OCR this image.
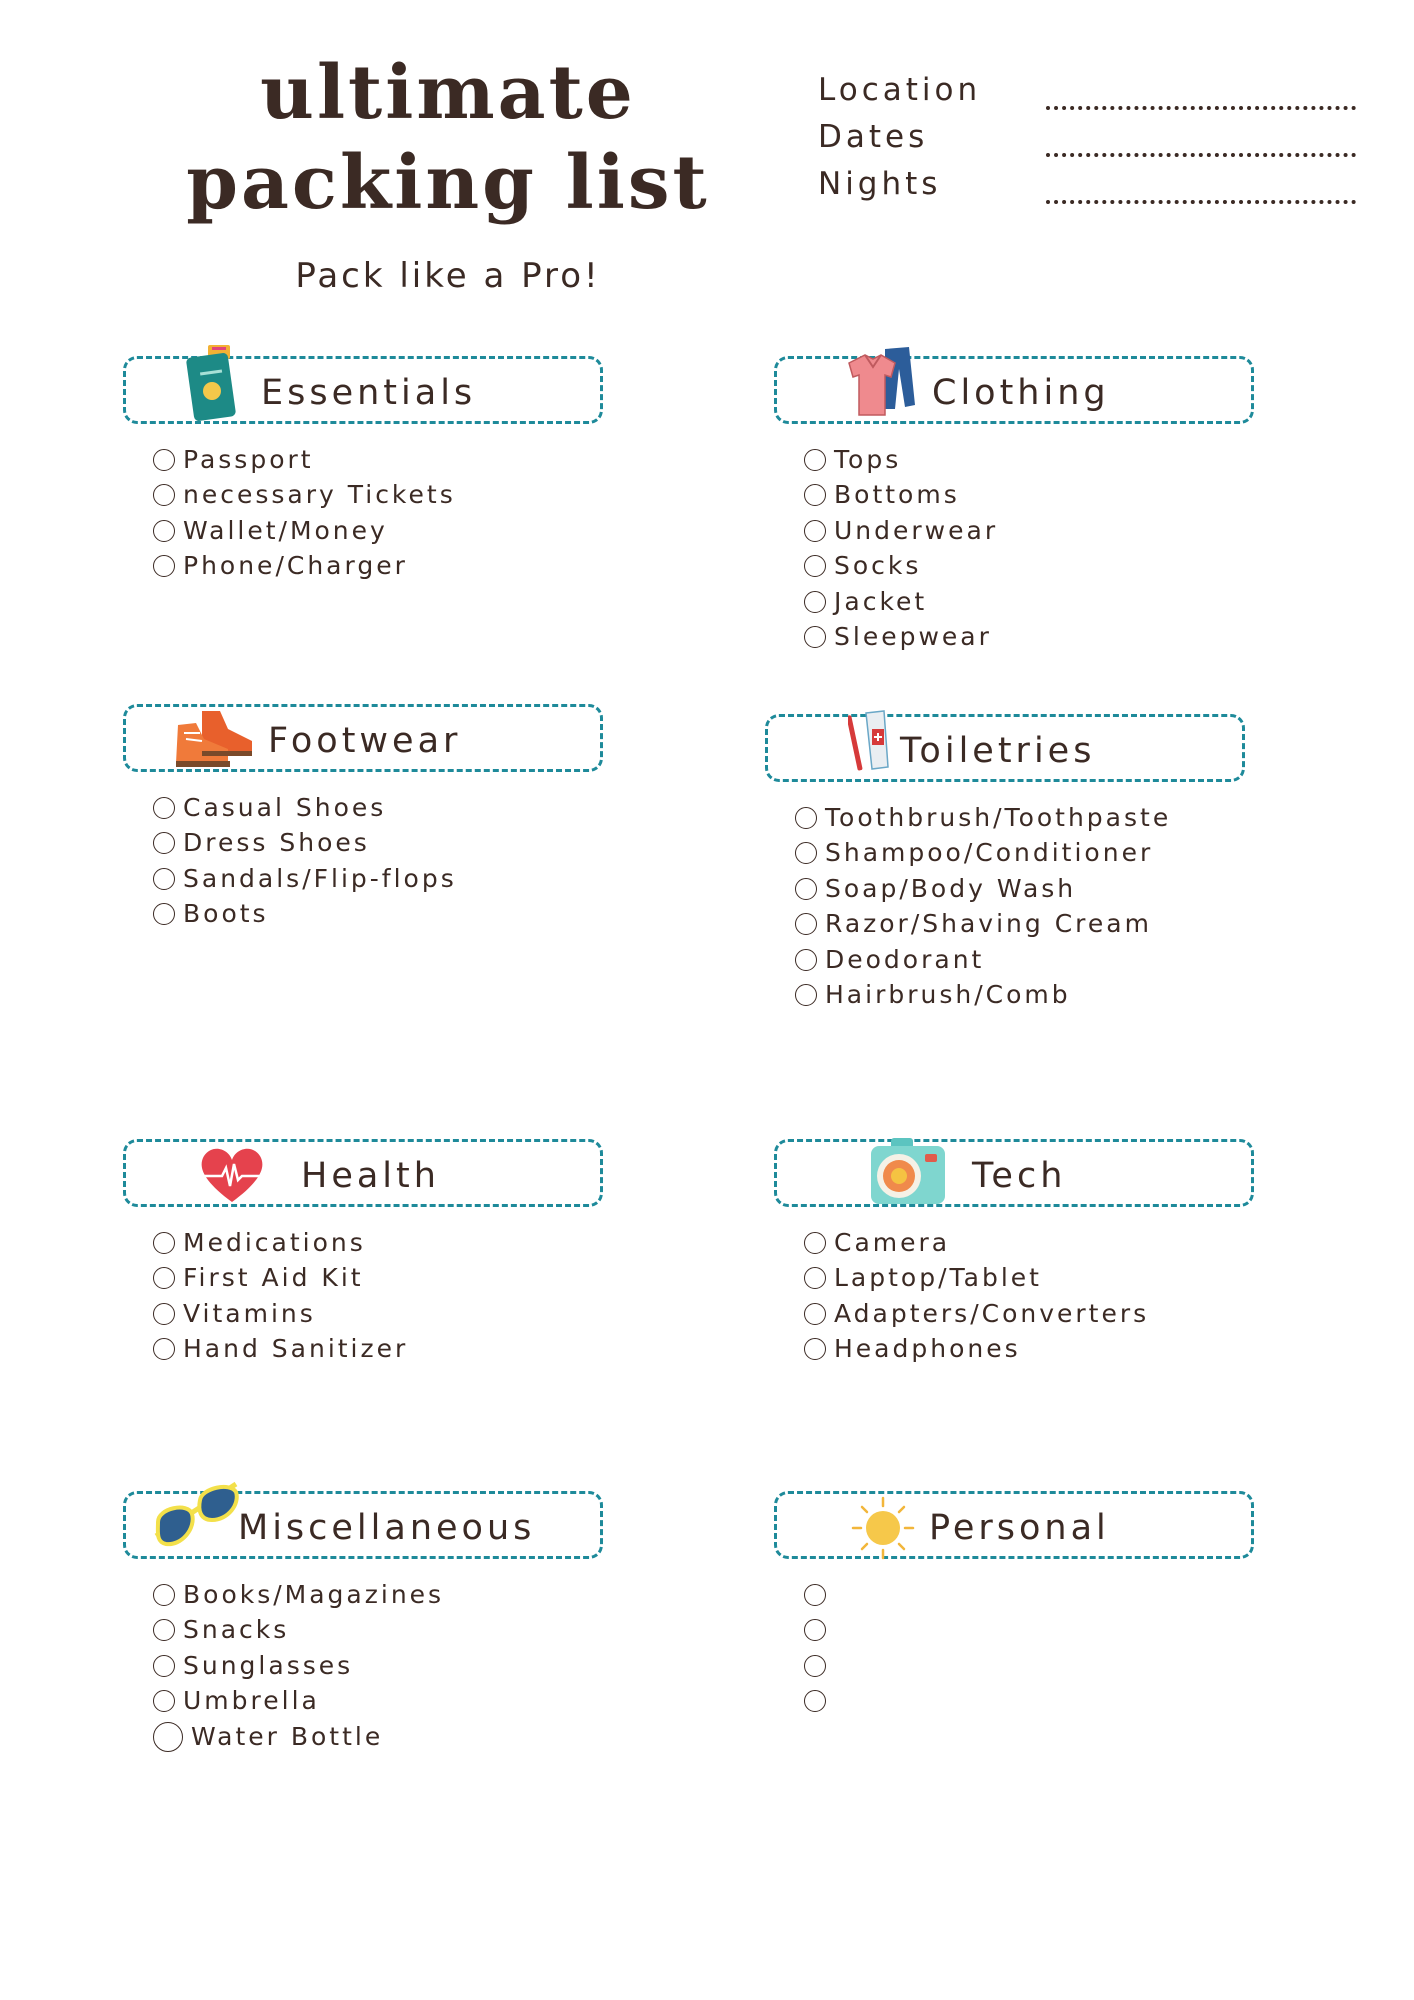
ultimate packing list
Pack like a Pro!
Location
Dates
Nights
Essentials
Passport
necessary Tickets
Wallet/Money
Phone/Charger
Clothing
Tops
Bottoms
Underwear
Socks
Jacket
Sleepwear
Footwear
Casual Shoes
Dress Shoes
Sandals/Flip-flops
Boots
Toiletries
Toothbrush/Toothpaste
Shampoo/Conditioner
Soap/Body Wash
Razor/Shaving Cream
Deodorant
Hairbrush/Comb
Health
Medications
First Aid Kit
Vitamins
Hand Sanitizer
Tech
Camera
Laptop/Tablet
Adapters/Converters
Headphones
Miscellaneous
Books/Magazines
Snacks
Sunglasses
Umbrella
Water Bottle
Personal
